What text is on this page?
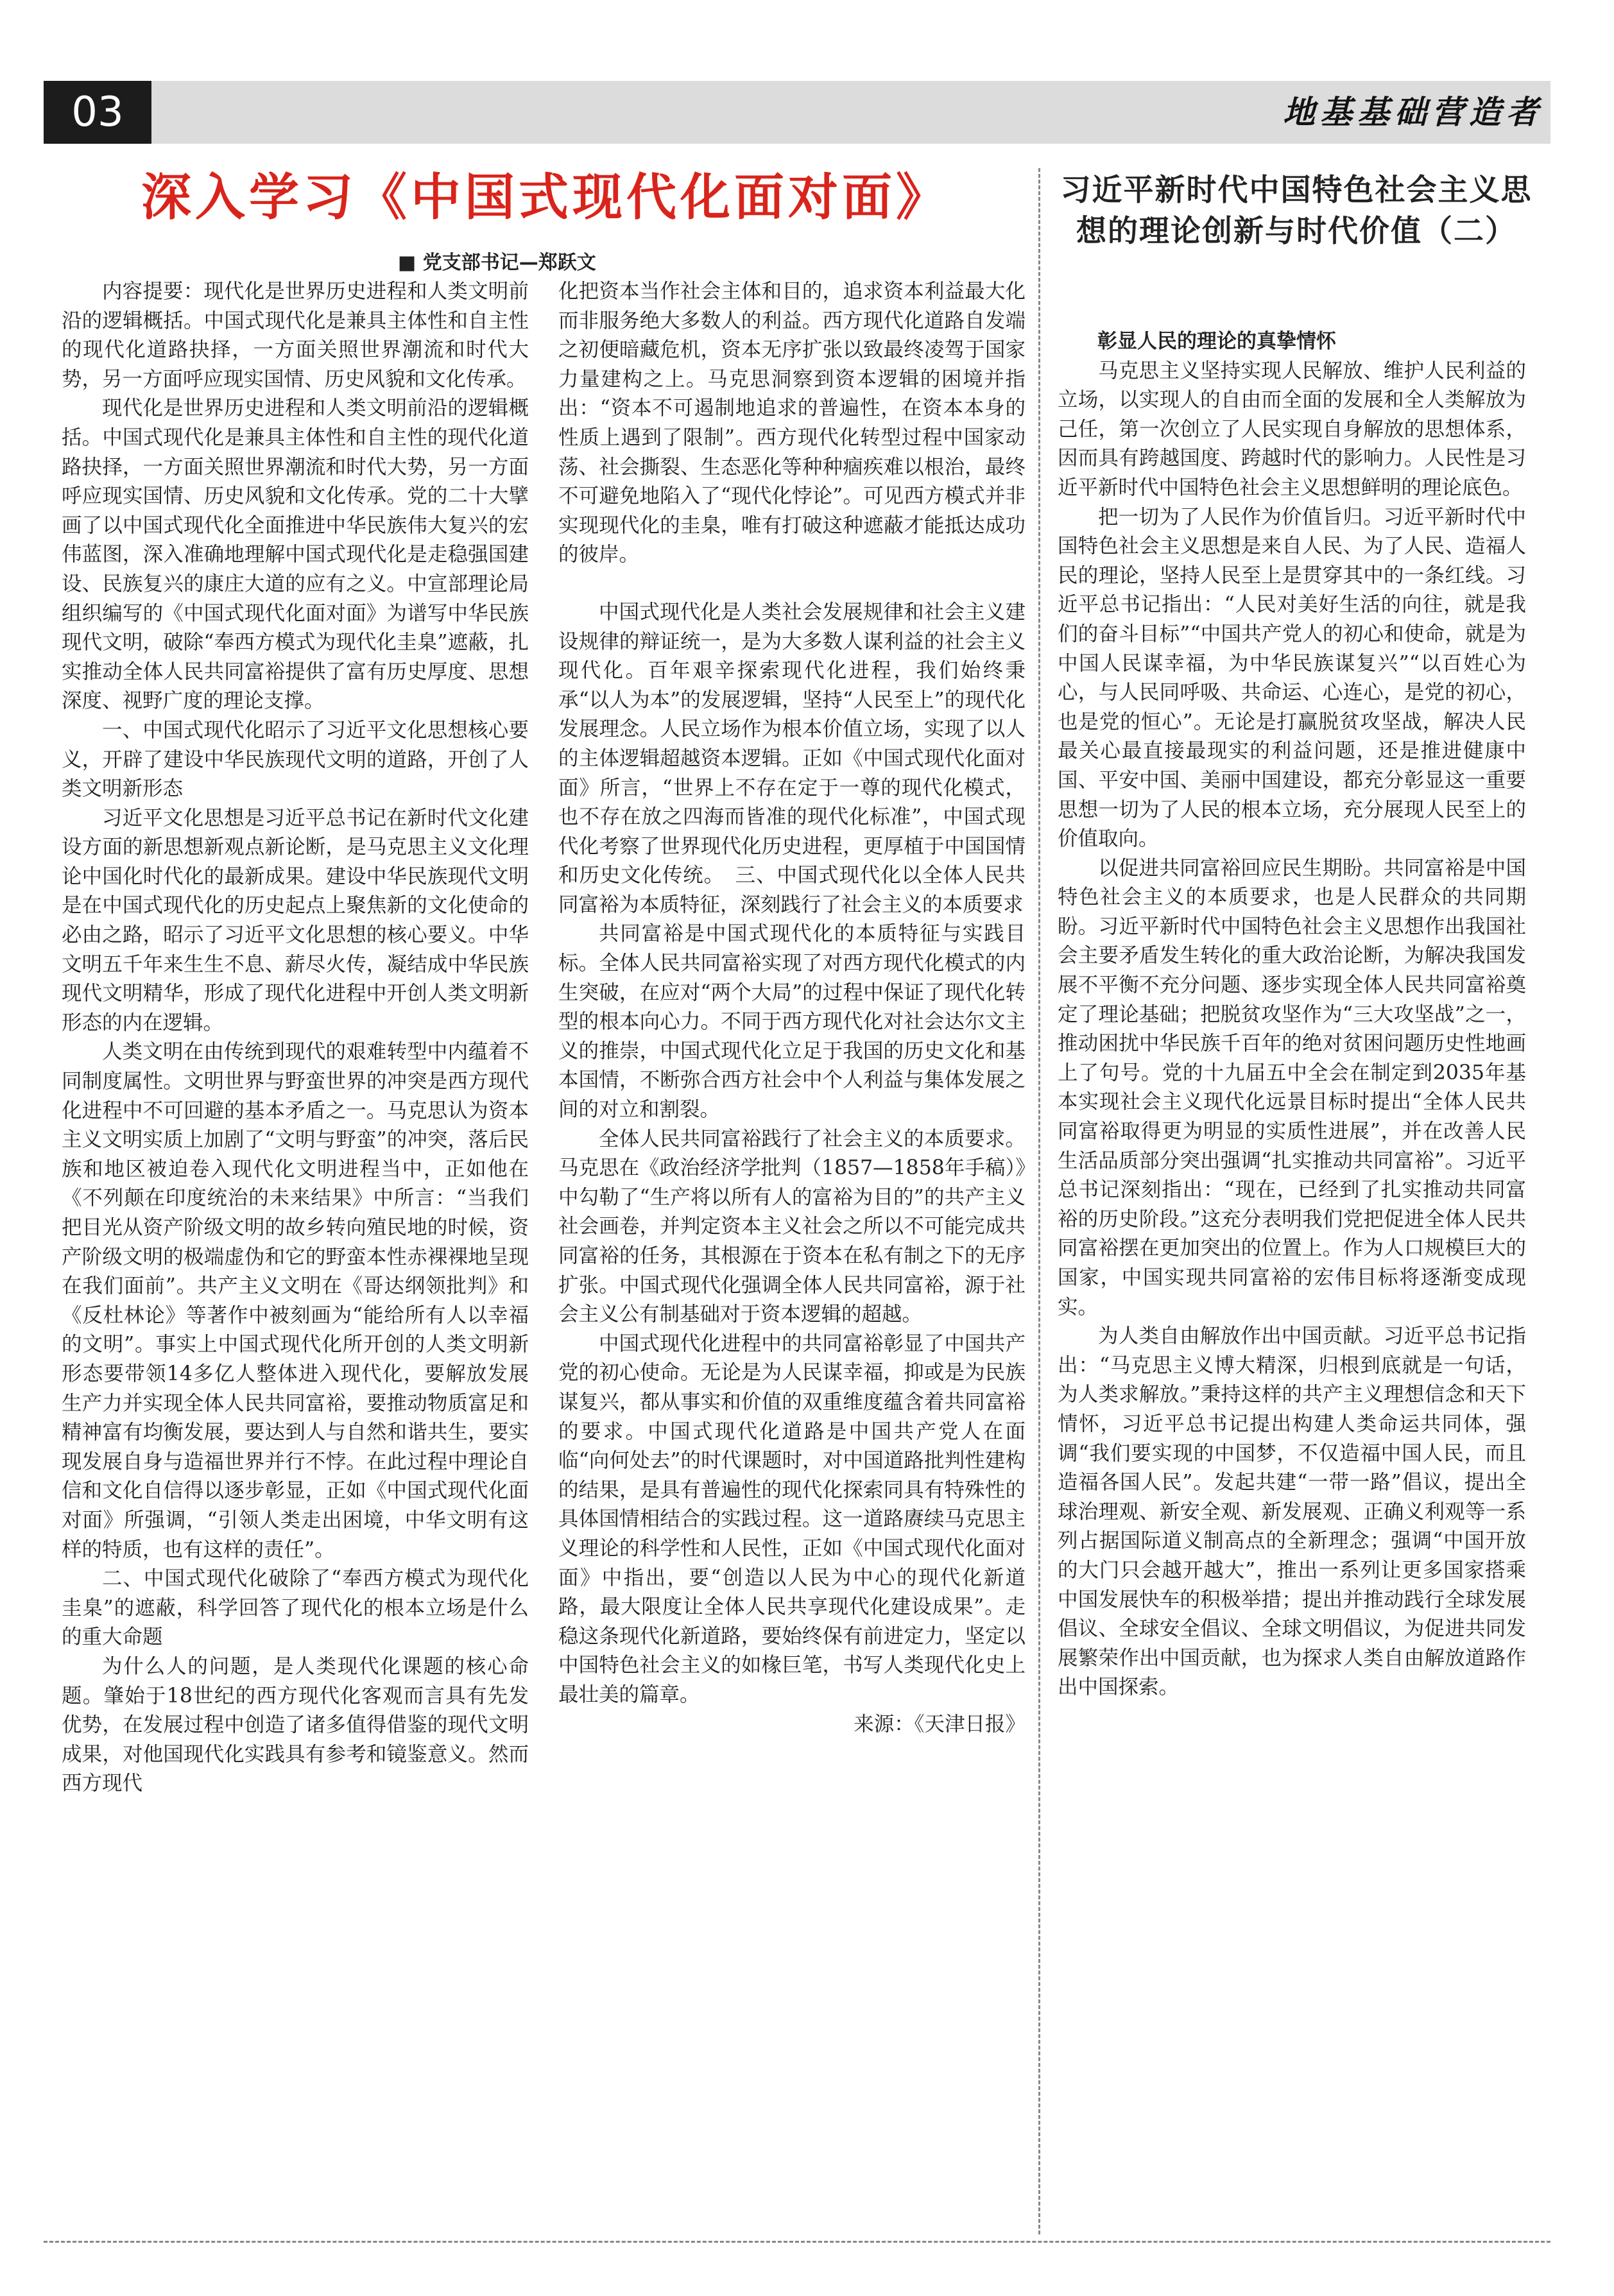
03	地基基础营造者
深入学习《中国式现代化面对面》
■ 党支部书记—郑跃文

内容提要：现代化是世界历史进程和人类文明前沿的逻辑概括。中国式现代化是兼具主体性和自主性的现代化道路抉择，一方面关照世界潮流和时代大势，另一方面呼应现实国情、历史风貌和文化传承。

现代化是世界历史进程和人类文明前沿的逻辑概括。中国式现代化是兼具主体性和自主性的现代化道路抉择，一方面关照世界潮流和时代大势，另一方面呼应现实国情、历史风貌和文化传承。党的二十大擘画了以中国式现代化全面推进中华民族伟大复兴的宏伟蓝图，深入准确地理解中国式现代化是走稳强国建设、民族复兴的康庄大道的应有之义。中宣部理论局组织编写的《中国式现代化面对面》为谱写中华民族现代文明，破除“奉西方模式为现代化圭臬”遮蔽，扎实推动全体人民共同富裕提供了富有历史厚度、思想深度、视野广度的理论支撑。

一、中国式现代化昭示了习近平文化思想核心要义，开辟了建设中华民族现代文明的道路，开创了人类文明新形态

习近平文化思想是习近平总书记在新时代文化建设方面的新思想新观点新论断，是马克思主义文化理论中国化时代化的最新成果。建设中华民族现代文明是在中国式现代化的历史起点上聚焦新的文化使命的必由之路，昭示了习近平文化思想的核心要义。中华文明五千年来生生不息、薪尽火传，凝结成中华民族现代文明精华，形成了现代化进程中开创人类文明新形态的内在逻辑。

人类文明在由传统到现代的艰难转型中内蕴着不同制度属性。文明世界与野蛮世界的冲突是西方现代化进程中不可回避的基本矛盾之一。马克思认为资本主义文明实质上加剧了“文明与野蛮”的冲突，落后民族和地区被迫卷入现代化文明进程当中，正如他在《不列颠在印度统治的未来结果》中所言：“当我们把目光从资产阶级文明的故乡转向殖民地的时候，资产阶级文明的极端虚伪和它的野蛮本性赤裸裸地呈现在我们面前”。共产主义文明在《哥达纲领批判》和《反杜林论》等著作中被刻画为“能给所有人以幸福的文明”。事实上中国式现代化所开创的人类文明新形态要带领14多亿人整体进入现代化，要解放发展生产力并实现全体人民共同富裕，要推动物质富足和精神富有均衡发展，要达到人与自然和谐共生，要实现发展自身与造福世界并行不悖。在此过程中理论自信和文化自信得以逐步彰显，正如《中国式现代化面对面》所强调，“引领人类走出困境，中华文明有这样的特质，也有这样的责任”。

二、中国式现代化破除了“奉西方模式为现代化圭臬”的遮蔽，科学回答了现代化的根本立场是什么的重大命题

为什么人的问题，是人类现代化课题的核心命题。肇始于18世纪的西方现代化客观而言具有先发优势，在发展过程中创造了诸多值得借鉴的现代文明成果，对他国现代化实践具有参考和镜鉴意义。然而西方现代

化把资本当作社会主体和目的，追求资本利益最大化而非服务绝大多数人的利益。西方现代化道路自发端之初便暗藏危机，资本无序扩张以致最终凌驾于国家力量建构之上。马克思洞察到资本逻辑的困境并指出：“资本不可遏制地追求的普遍性，在资本本身的性质上遇到了限制”。西方现代化转型过程中国家动荡、社会撕裂、生态恶化等种种痼疾难以根治，最终不可避免地陷入了“现代化悖论”。可见西方模式并非实现现代化的圭臬，唯有打破这种遮蔽才能抵达成功的彼岸。

中国式现代化是人类社会发展规律和社会主义建设规律的辩证统一，是为大多数人谋利益的社会主义现代化。百年艰辛探索现代化进程，我们始终秉承“以人为本”的发展逻辑，坚持“人民至上”的现代化发展理念。人民立场作为根本价值立场，实现了以人的主体逻辑超越资本逻辑。正如《中国式现代化面对面》所言，“世界上不存在定于一尊的现代化模式，也不存在放之四海而皆准的现代化标准”，中国式现代化考察了世界现代化历史进程，更厚植于中国国情和历史文化传统。　三、中国式现代化以全体人民共同富裕为本质特征，深刻践行了社会主义的本质要求

共同富裕是中国式现代化的本质特征与实践目标。全体人民共同富裕实现了对西方现代化模式的内生突破，在应对“两个大局”的过程中保证了现代化转型的根本向心力。不同于西方现代化对社会达尔文主义的推崇，中国式现代化立足于我国的历史文化和基本国情，不断弥合西方社会中个人利益与集体发展之间的对立和割裂。

全体人民共同富裕践行了社会主义的本质要求。马克思在《政治经济学批判（1857—1858年手稿）》中勾勒了“生产将以所有人的富裕为目的”的共产主义社会画卷，并判定资本主义社会之所以不可能完成共同富裕的任务，其根源在于资本在私有制之下的无序扩张。中国式现代化强调全体人民共同富裕，源于社会主义公有制基础对于资本逻辑的超越。

中国式现代化进程中的共同富裕彰显了中国共产党的初心使命。无论是为人民谋幸福，抑或是为民族谋复兴，都从事实和价值的双重维度蕴含着共同富裕的要求。中国式现代化道路是中国共产党人在面临“向何处去”的时代课题时，对中国道路批判性建构的结果，是具有普遍性的现代化探索同具有特殊性的具体国情相结合的实践过程。这一道路赓续马克思主义理论的科学性和人民性，正如《中国式现代化面对面》中指出，要“创造以人民为中心的现代化新道路，最大限度让全体人民共享现代化建设成果”。走稳这条现代化新道路，要始终保有前进定力，坚定以中国特色社会主义的如椽巨笔，书写人类现代化史上最壮美的篇章。

来源：《天津日报》

习近平新时代中国特色社会主义思想的理论创新与时代价值（二）

彰显人民的理论的真挚情怀

马克思主义坚持实现人民解放、维护人民利益的立场，以实现人的自由而全面的发展和全人类解放为己任，第一次创立了人民实现自身解放的思想体系，因而具有跨越国度、跨越时代的影响力。人民性是习近平新时代中国特色社会主义思想鲜明的理论底色。

把一切为了人民作为价值旨归。习近平新时代中国特色社会主义思想是来自人民、为了人民、造福人民的理论，坚持人民至上是贯穿其中的一条红线。习近平总书记指出：“人民对美好生活的向往，就是我们的奋斗目标”“中国共产党人的初心和使命，就是为中国人民谋幸福，为中华民族谋复兴”“以百姓心为心，与人民同呼吸、共命运、心连心，是党的初心，也是党的恒心”。无论是打赢脱贫攻坚战，解决人民最关心最直接最现实的利益问题，还是推进健康中国、平安中国、美丽中国建设，都充分彰显这一重要思想一切为了人民的根本立场，充分展现人民至上的价值取向。

以促进共同富裕回应民生期盼。共同富裕是中国特色社会主义的本质要求，也是人民群众的共同期盼。习近平新时代中国特色社会主义思想作出我国社会主要矛盾发生转化的重大政治论断，为解决我国发展不平衡不充分问题、逐步实现全体人民共同富裕奠定了理论基础；把脱贫攻坚作为“三大攻坚战”之一，推动困扰中华民族千百年的绝对贫困问题历史性地画上了句号。党的十九届五中全会在制定到2035年基本实现社会主义现代化远景目标时提出“全体人民共同富裕取得更为明显的实质性进展”，并在改善人民生活品质部分突出强调“扎实推动共同富裕”。习近平总书记深刻指出：“现在，已经到了扎实推动共同富裕的历史阶段。”这充分表明我们党把促进全体人民共同富裕摆在更加突出的位置上。作为人口规模巨大的国家，中国实现共同富裕的宏伟目标将逐渐变成现实。

为人类自由解放作出中国贡献。习近平总书记指出：“马克思主义博大精深，归根到底就是一句话，为人类求解放。”秉持这样的共产主义理想信念和天下情怀，习近平总书记提出构建人类命运共同体，强调“我们要实现的中国梦，不仅造福中国人民，而且造福各国人民”。发起共建“一带一路”倡议，提出全球治理观、新安全观、新发展观、正确义利观等一系列占据国际道义制高点的全新理念；强调“中国开放的大门只会越开越大”，推出一系列让更多国家搭乘中国发展快车的积极举措；提出并推动践行全球发展倡议、全球安全倡议、全球文明倡议，为促进共同发展繁荣作出中国贡献，也为探求人类自由解放道路作出中国探索。
